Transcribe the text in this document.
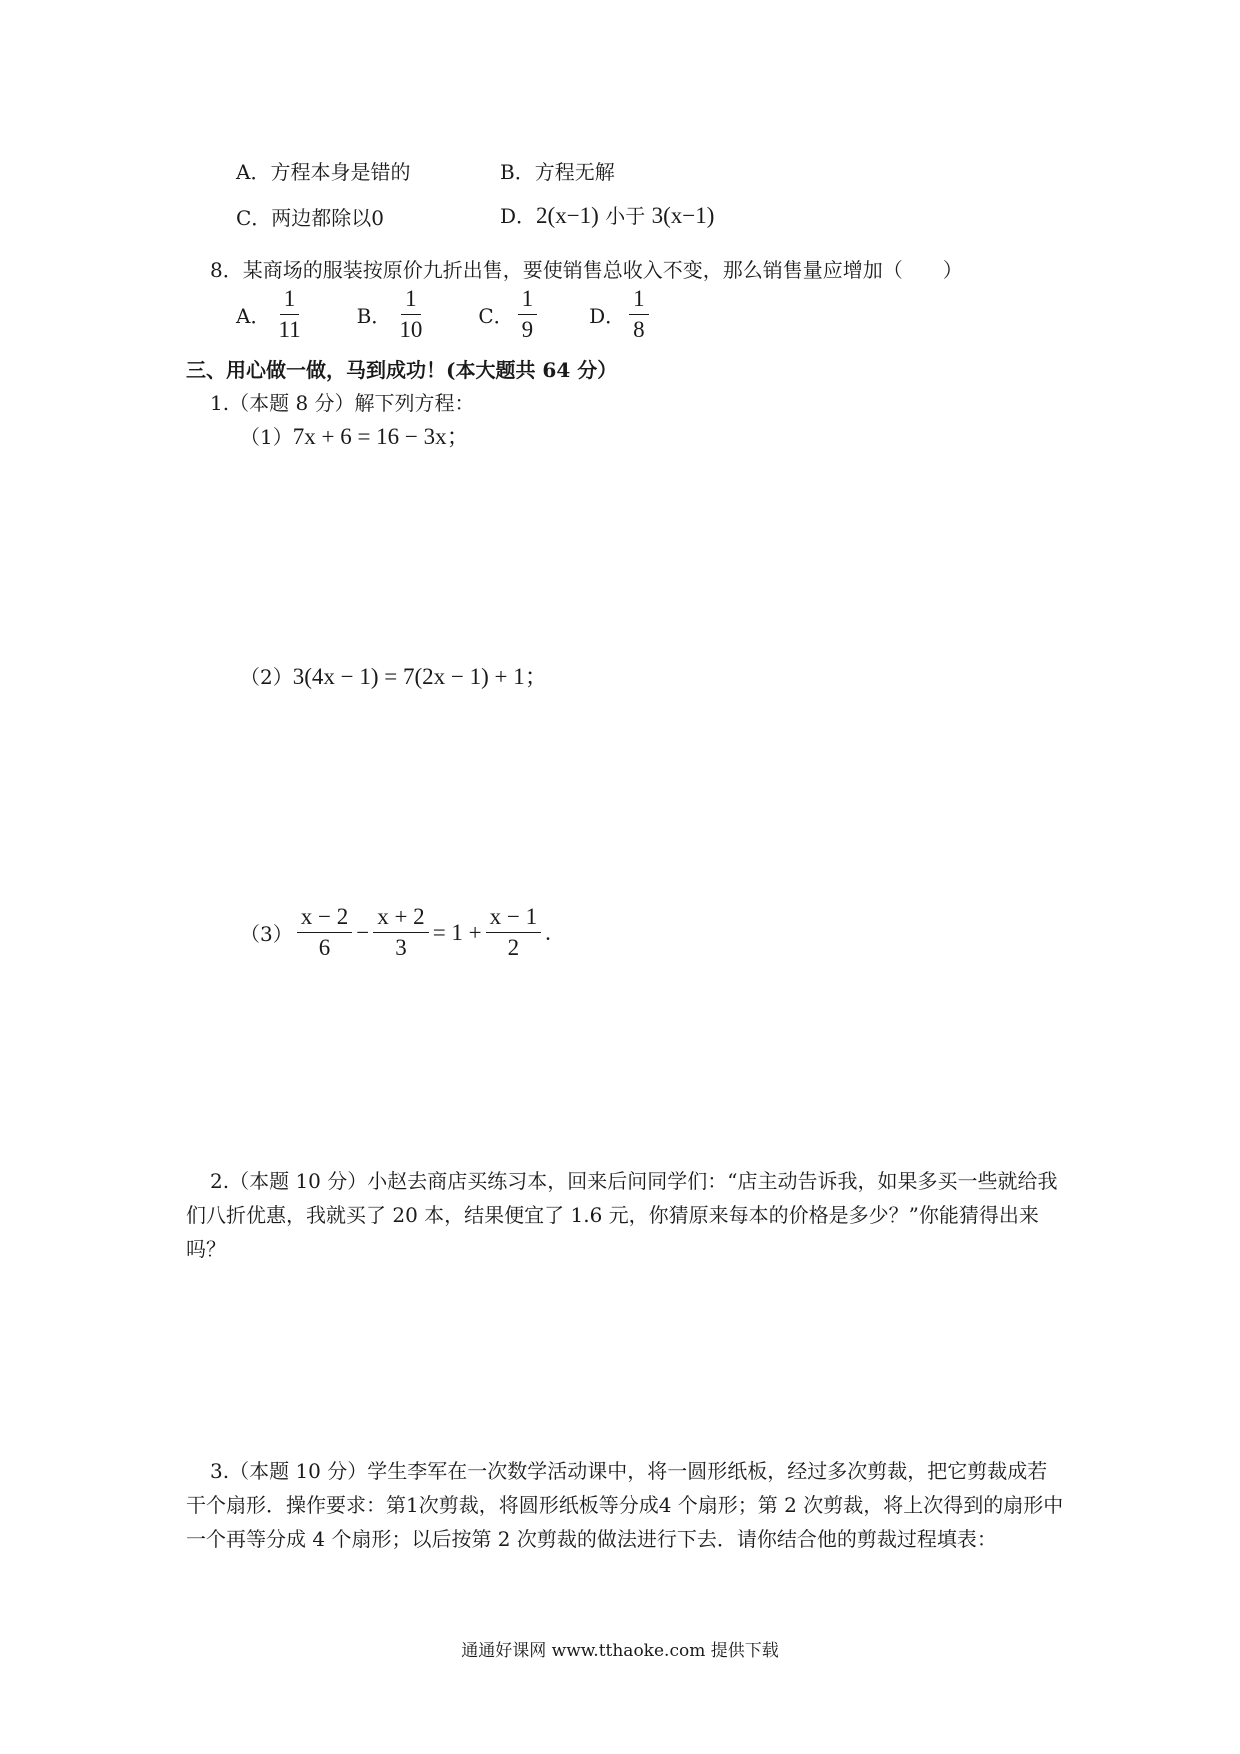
A．方程本身是错的	B．方程无解
C．两边都除以0	D．2(x−1) 小于 3(x−1)
8．某商场的服装按原价九折出售，要使销售总收入不变，那么销售量应增加（　　）
A． $\frac{1}{11}$	B． $\frac{1}{10}$	C． $\frac{1}{9}$	D． $\frac{1}{8}$
三、用心做一做，马到成功！(本大题共 64 分）
1.（本题 8 分）解下列方程：
（1）7x + 6 = 16 − 3x；
（2）3(4x − 1) = 7(2x − 1) + 1；
$(3) \frac{x - 2}{6} - \frac{x + 2}{3} = 1 + \frac{x - 1}{2}$ .
2.（本题 10 分）小赵去商店买练习本，回来后问同学们：“店主动告诉我，如果多买一些就给我们八折优惠，我就买了 20 本，结果便宜了 1.6 元，你猜原来每本的价格是多少？”你能猜得出来吗？
3.（本题 10 分）学生李军在一次数学活动课中，将一圆形纸板，经过多次剪裁，把它剪裁成若干个扇形．操作要求：第1次剪裁，将圆形纸板等分成4 个扇形；第 2 次剪裁，将上次得到的扇形中一个再等分成 4 个扇形；以后按第 2 次剪裁的做法进行下去．请你结合他的剪裁过程填表：
通通好课网 www.tthaoke.com 提供下载
